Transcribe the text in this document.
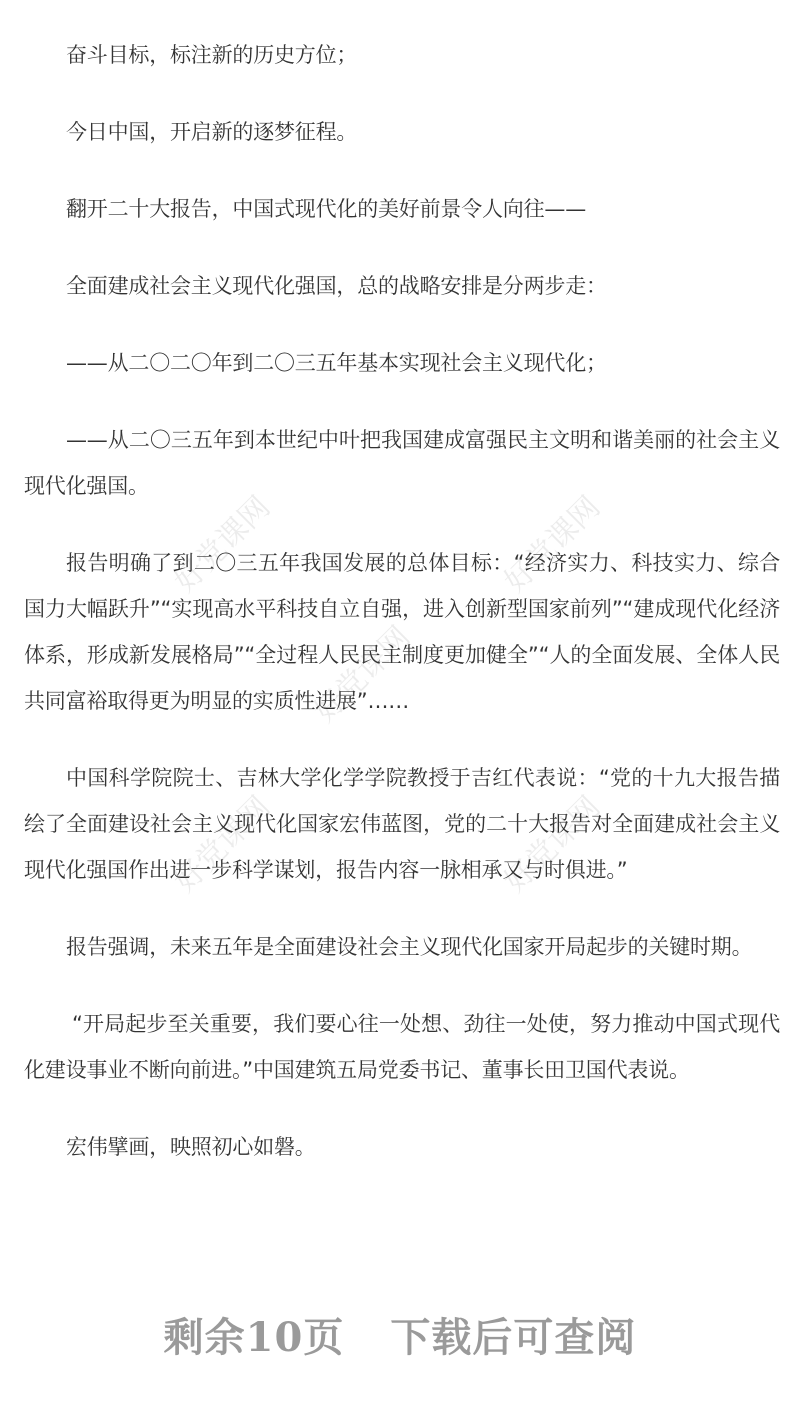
好党课网	好党课网
好党课网
好党课网	好党课网

奋斗目标，标注新的历史方位；

今日中国，开启新的逐梦征程。

翻开二十大报告，中国式现代化的美好前景令人向往——

全面建成社会主义现代化强国，总的战略安排是分两步走：

——从二〇二〇年到二〇三五年基本实现社会主义现代化；

——从二〇三五年到本世纪中叶把我国建成富强民主文明和谐美丽的社会主义现代化强国。

报告明确了到二〇三五年我国发展的总体目标：“经济实力、科技实力、综合国力大幅跃升”“实现高水平科技自立自强，进入创新型国家前列”“建成现代化经济体系，形成新发展格局”“全过程人民民主制度更加健全”“人的全面发展、全体人民共同富裕取得更为明显的实质性进展”……

中国科学院院士、吉林大学化学学院教授于吉红代表说：“党的十九大报告描绘了全面建设社会主义现代化国家宏伟蓝图，党的二十大报告对全面建成社会主义现代化强国作出进一步科学谋划，报告内容一脉相承又与时俱进。”

报告强调，未来五年是全面建设社会主义现代化国家开局起步的关键时期。

“开局起步至关重要，我们要心往一处想、劲往一处使，努力推动中国式现代化建设事业不断向前进。”中国建筑五局党委书记、董事长田卫国代表说。

宏伟擘画，映照初心如磐。

剩余10页 下载后可查阅
